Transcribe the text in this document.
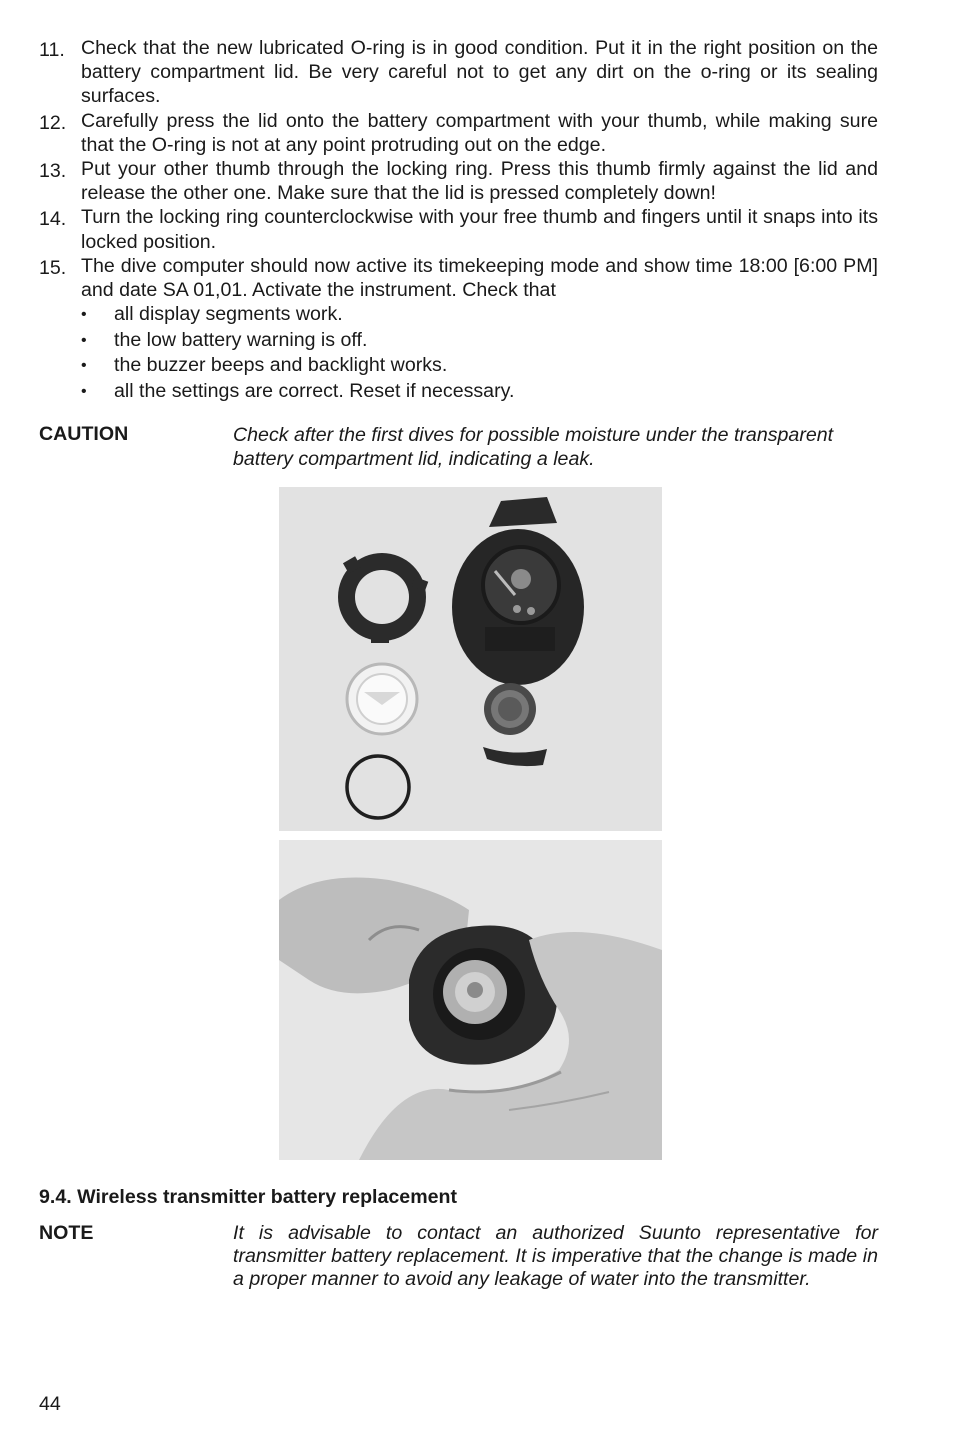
11. Check that the new lubricated O-ring is in good condition. Put it in the right position on the battery compartment lid. Be very careful not to get any dirt on the o-ring or its sealing surfaces.

12. Carefully press the lid onto the battery compartment with your thumb, while making sure that the O-ring is not at any point protruding out on the edge.

13. Put your other thumb through the locking ring. Press this thumb firmly against the lid and release the other one. Make sure that the lid is pressed completely down!

14. Turn the locking ring counterclockwise with your free thumb and fingers until it snaps into its locked position.

15. The dive computer should now active its timekeeping mode and show time 18:00 [6:00 PM] and date SA 01,01. Activate the instrument. Check that

• all display segments work.
• the low battery warning is off.
• the buzzer beeps and backlight works.
• all the settings are correct. Reset if necessary.
CAUTION	Check after the first dives for possible moisture under the transparent battery compartment lid, indicating a leak.
9.4. Wireless transmitter battery replacement
NOTE	It is advisable to contact an authorized Suunto representative for transmitter battery replacement. It is imperative that the change is made in a proper manner to avoid any leakage of water into the transmitter.
44
